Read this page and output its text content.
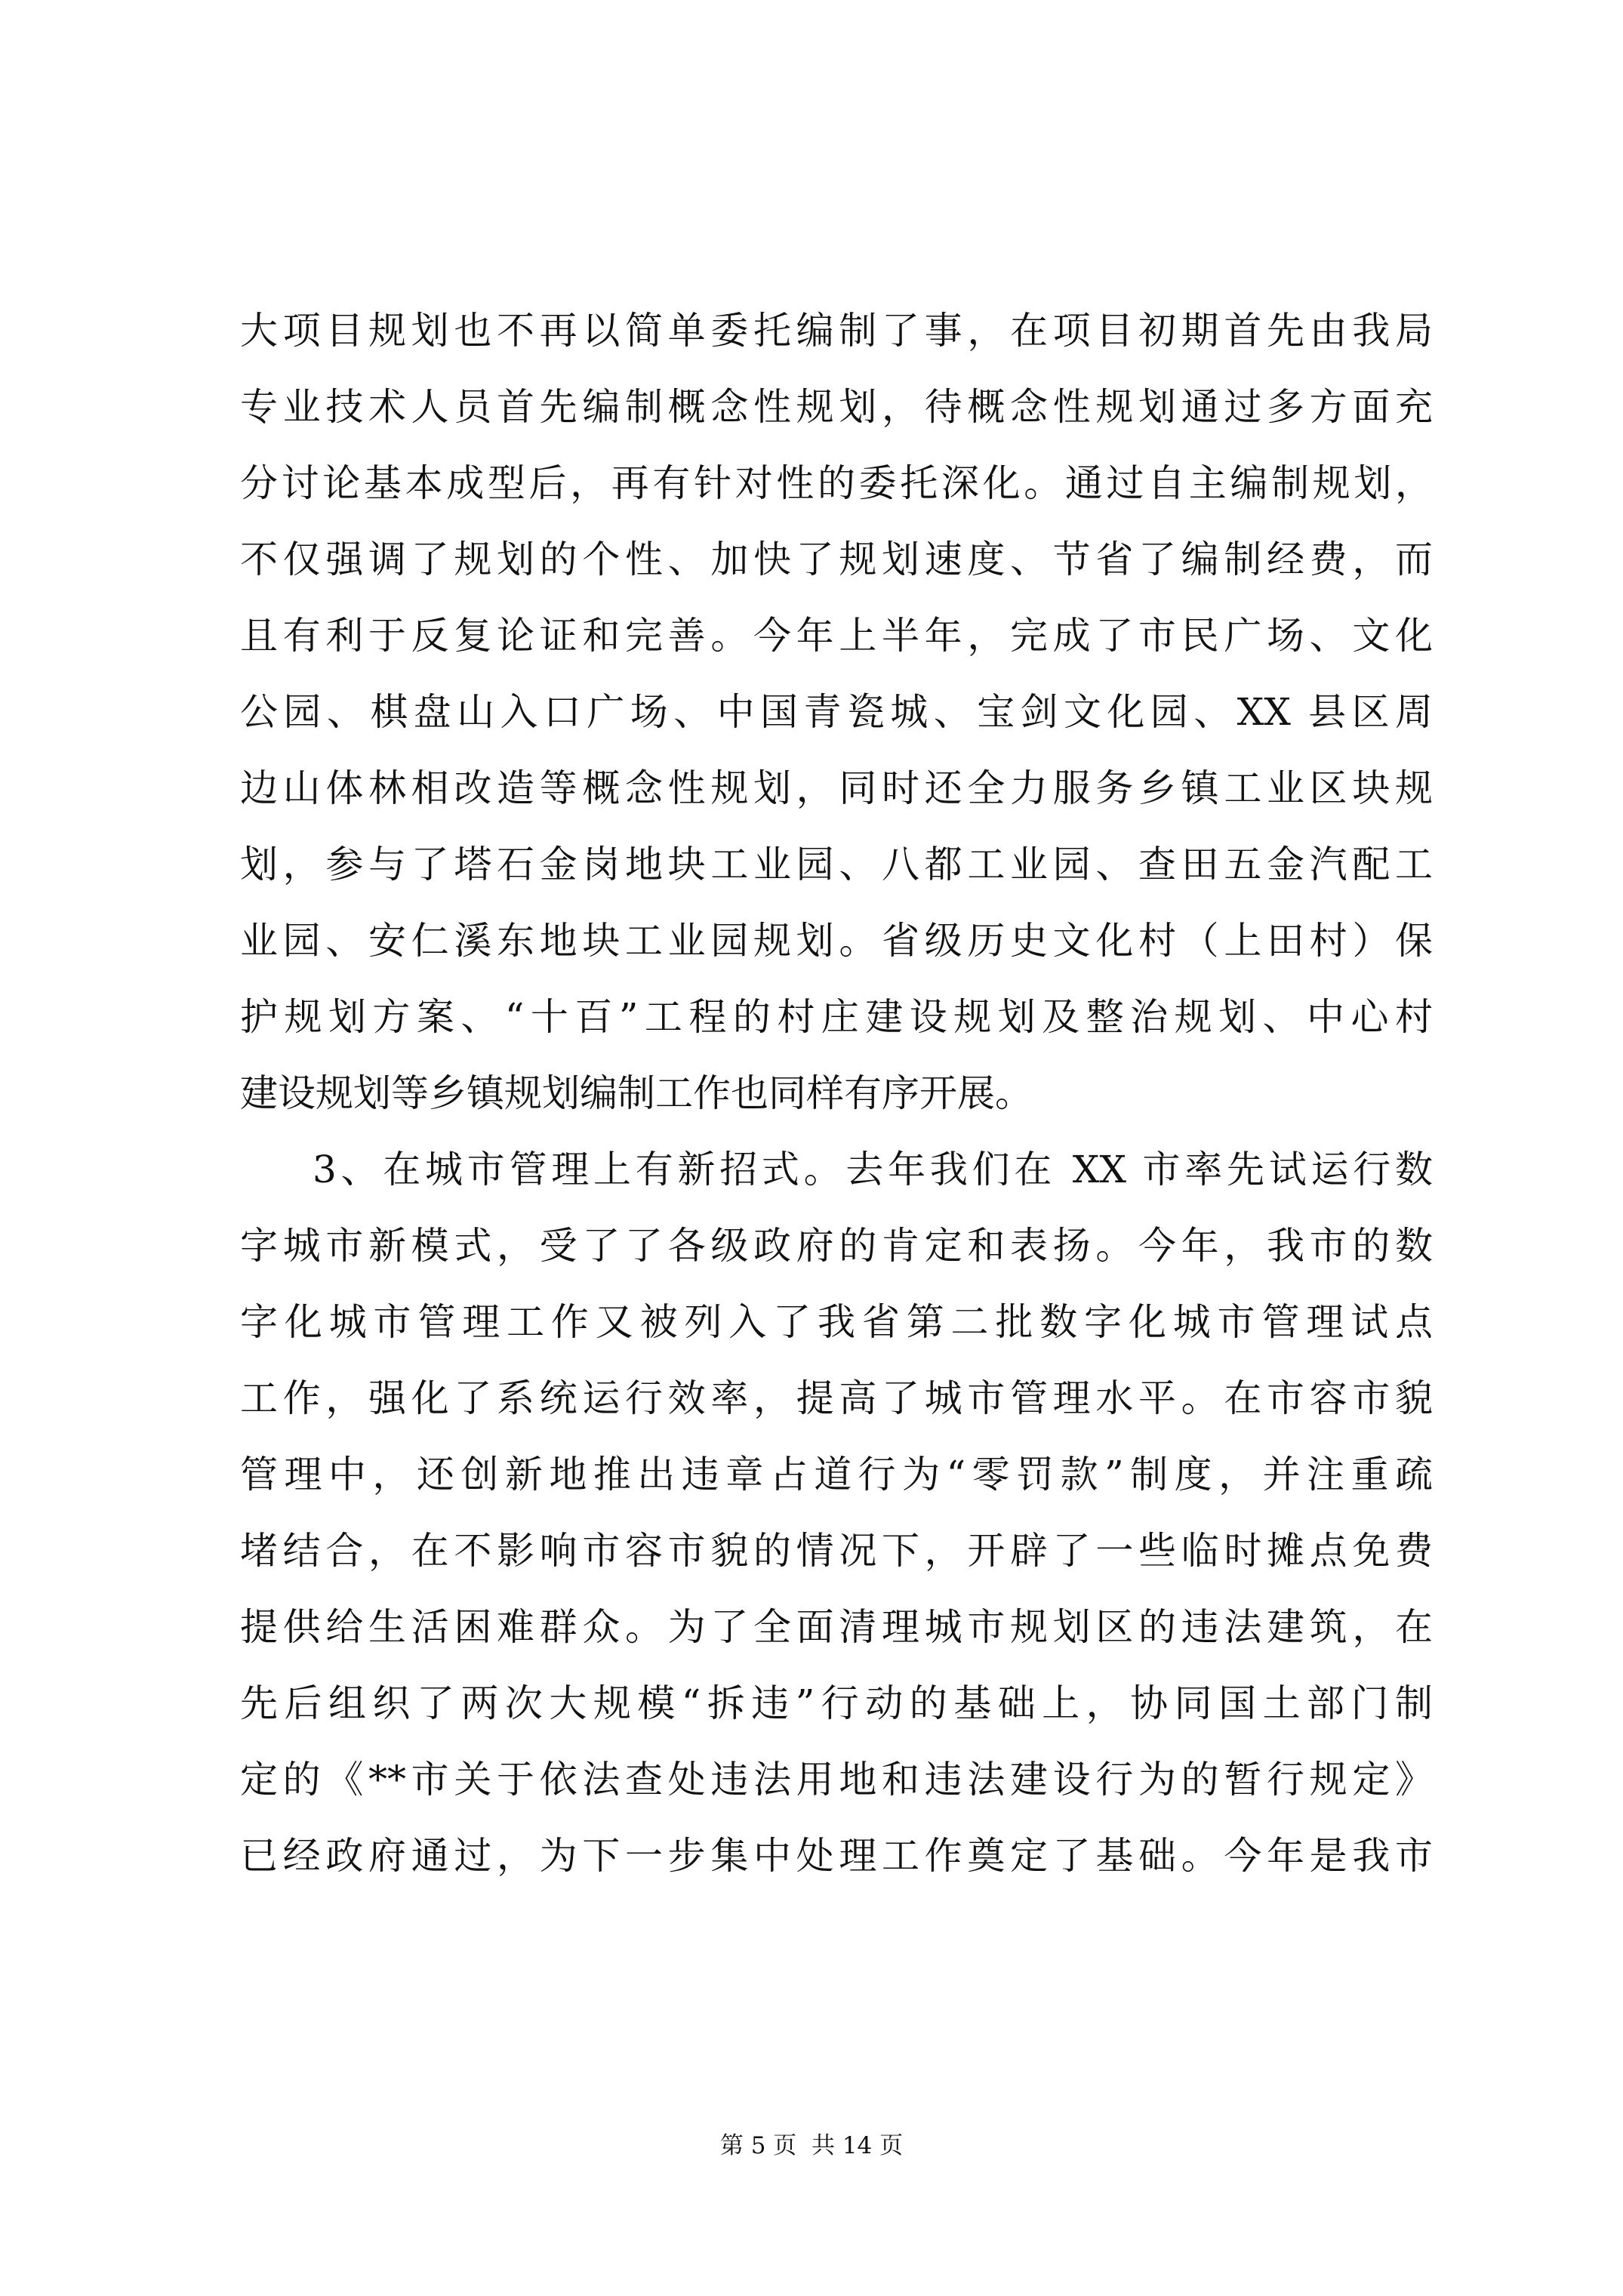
大项目规划也不再以简单委托编制了事，在项目初期首先由我局
专业技术人员首先编制概念性规划，待概念性规划通过多方面充
分讨论基本成型后，再有针对性的委托深化。通过自主编制规划，
不仅强调了规划的个性、加快了规划速度、节省了编制经费，而
且有利于反复论证和完善。今年上半年，完成了市民广场、文化
公园、棋盘山入口广场、中国青瓷城、宝剑文化园、XX 县区周
边山体林相改造等概念性规划，同时还全力服务乡镇工业区块规
划，参与了塔石金岗地块工业园、八都工业园、查田五金汽配工
业园、安仁溪东地块工业园规划。省级历史文化村（上田村）保
护规划方案、“十百”工程的村庄建设规划及整治规划、中心村
建设规划等乡镇规划编制工作也同样有序开展。
3、在城市管理上有新招式。去年我们在 XX 市率先试运行数
字城市新模式，受了了各级政府的肯定和表扬。今年，我市的数
字化城市管理工作又被列入了我省第二批数字化城市管理试点
工作，强化了系统运行效率，提高了城市管理水平。在市容市貌
管理中，还创新地推出违章占道行为“零罚款”制度，并注重疏
堵结合，在不影响市容市貌的情况下，开辟了一些临时摊点免费
提供给生活困难群众。为了全面清理城市规划区的违法建筑，在
先后组织了两次大规模“拆违”行动的基础上，协同国土部门制
定的《**市关于依法查处违法用地和违法建设行为的暂行规定》
已经政府通过，为下一步集中处理工作奠定了基础。今年是我市
第 5 页  共 14 页
